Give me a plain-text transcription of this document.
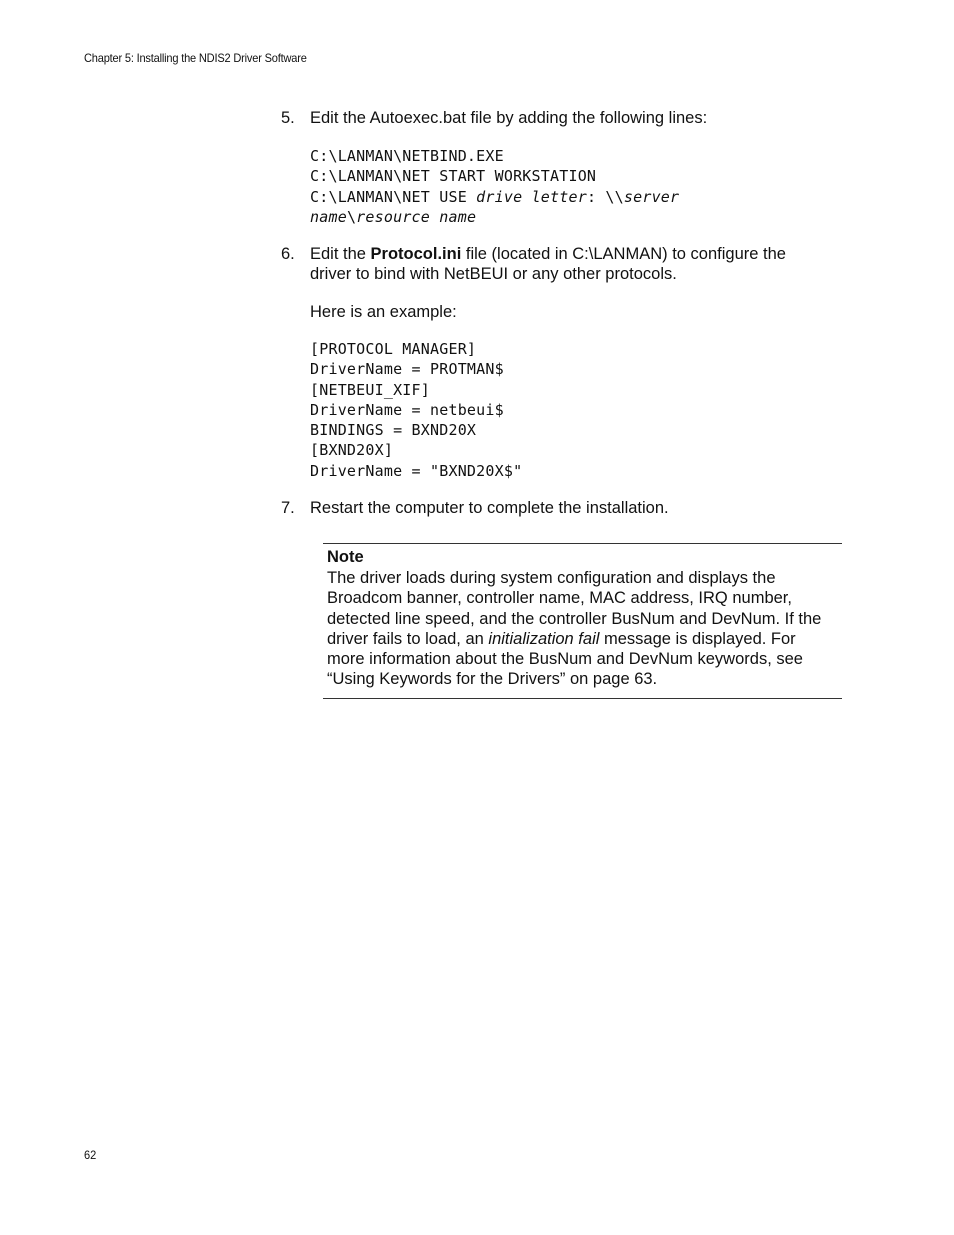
Chapter 5: Installing the NDIS2 Driver Software
5. Edit the Autoexec.bat file by adding the following lines:
C:\LANMAN\NETBIND.EXE
C:\LANMAN\NET START WORKSTATION
C:\LANMAN\NET USE drive letter: \\server
name\resource name
6. Edit the Protocol.ini file (located in C:\LANMAN) to configure the
driver to bind with NetBEUI or any other protocols.
Here is an example:
[PROTOCOL MANAGER]
DriverName = PROTMAN$
[NETBEUI_XIF]
DriverName = netbeui$
BINDINGS = BXND20X
[BXND20X]
DriverName = "BXND20X$"
7. Restart the computer to complete the installation.
Note
The driver loads during system configuration and displays the
Broadcom banner, controller name, MAC address, IRQ number,
detected line speed, and the controller BusNum and DevNum. If the
driver fails to load, an initialization fail message is displayed. For
more information about the BusNum and DevNum keywords, see
“Using Keywords for the Drivers” on page 63.
62
